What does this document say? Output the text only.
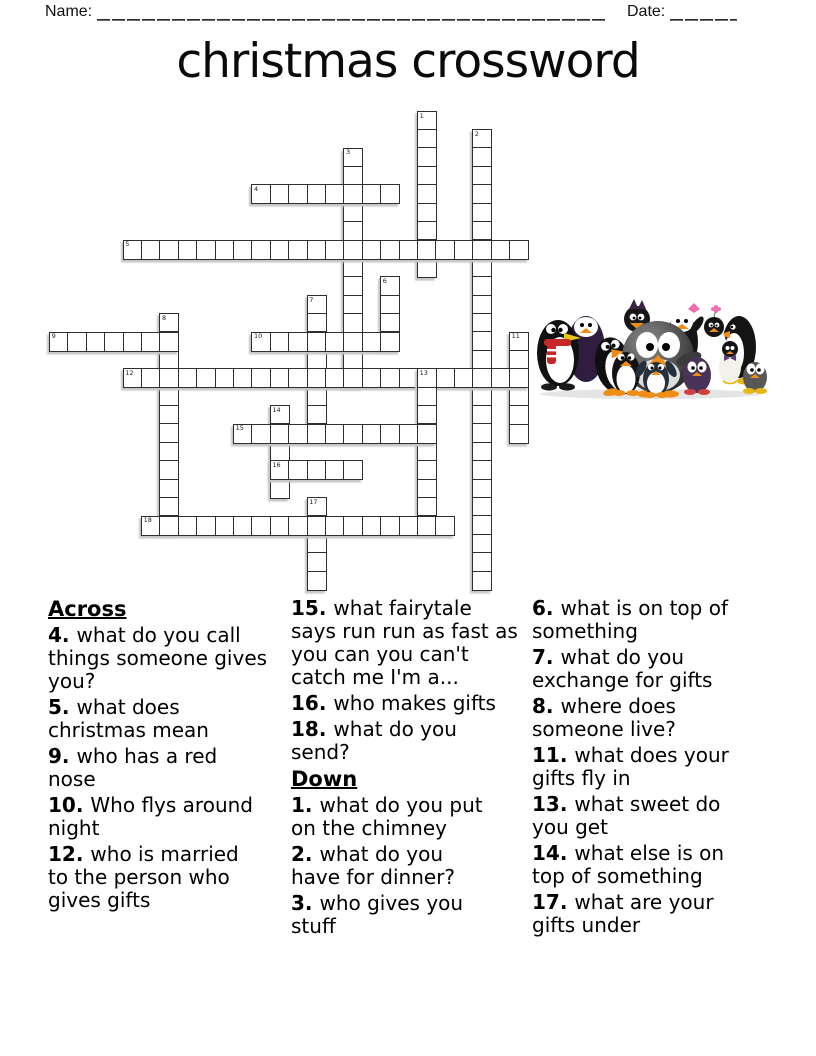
Name:	Date:
christmas crossword
1
2
3
4
5
6
7
8
9	10	11
12	13
14
15
16
17
18
Across
4. what do you call
things someone gives
you?
5. what does
christmas mean
9. who has a red
nose
10. Who flys around
night
12. who is married
to the person who
gives gifts
15. what fairytale
says run run as fast as
you can you can't
catch me I'm a...
16. who makes gifts
18. what do you
send?
Down
1. what do you put
on the chimney
2. what do you
have for dinner?
3. who gives you
stuff
6. what is on top of
something
7. what do you
exchange for gifts
8. where does
someone live?
11. what does your
gifts fly in
13. what sweet do
you get
14. what else is on
top of something
17. what are your
gifts under
